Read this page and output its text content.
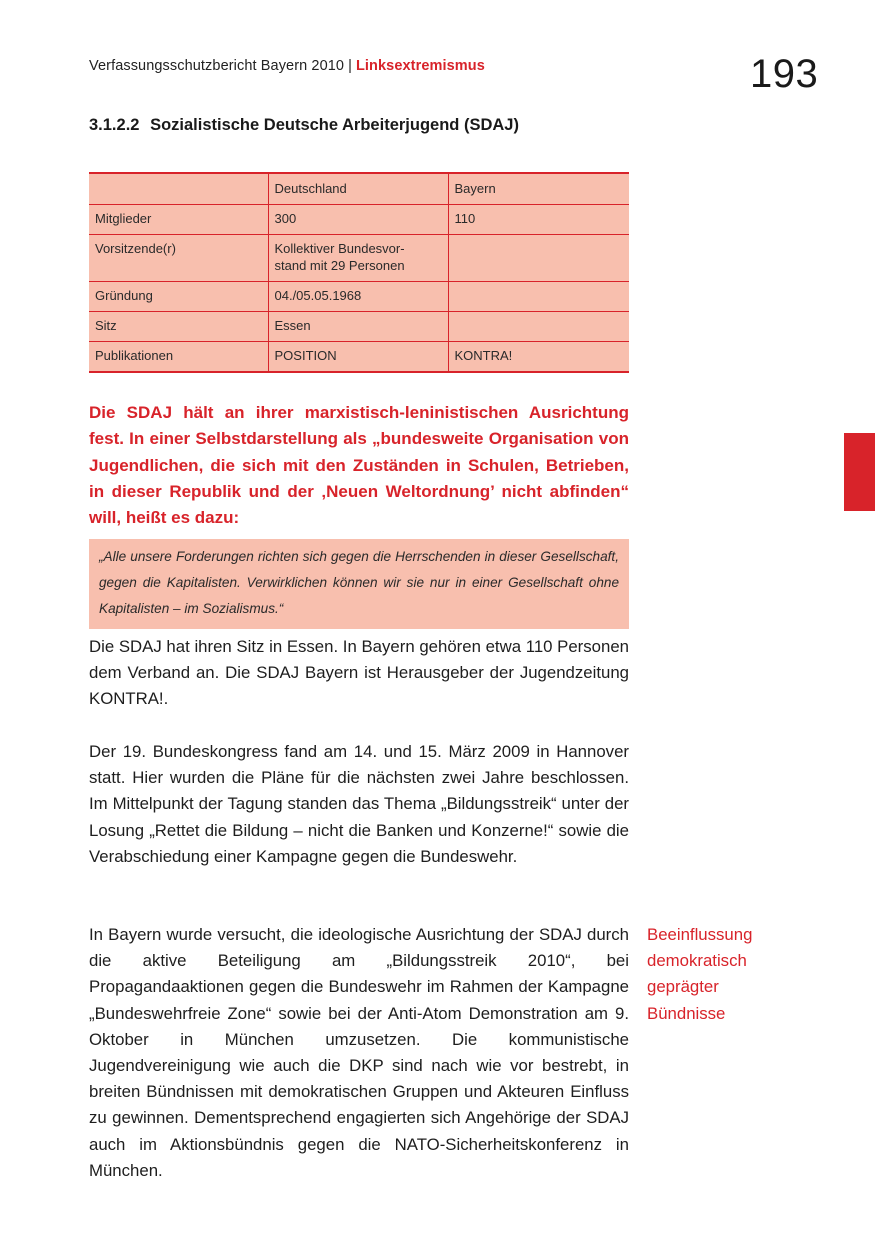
Verfassungsschutzbericht Bayern 2010 | Linksextremismus	193
3.1.2.2 Sozialistische Deutsche Arbeiterjugend (SDAJ)
	Deutschland	Bayern
Mitglieder	300	110
Vorsitzende(r)	Kollektiver Bundesvor-
stand mit 29 Personen	
Gründung	04./05.05.1968	
Sitz	Essen	
Publikationen	POSITION	KONTRA!
Die SDAJ hält an ihrer marxistisch-leninistischen Ausrichtung fest. In einer Selbstdarstellung als „bundesweite Organisation von Jugendlichen, die sich mit den Zuständen in Schulen, Betrieben, in dieser Republik und der ‚Neuen Weltordnung’ nicht abfinden“ will, heißt es dazu:
„Alle unsere Forderungen richten sich gegen die Herrschenden in dieser Gesellschaft, gegen die Kapitalisten. Verwirklichen können wir sie nur in einer Gesellschaft ohne Kapitalisten – im Sozialismus.“

Die SDAJ hat ihren Sitz in Essen. In Bayern gehören etwa 110 Personen dem Verband an. Die SDAJ Bayern ist Herausgeber der Jugendzeitung KONTRA!.

Der 19. Bundeskongress fand am 14. und 15. März 2009 in Hannover statt. Hier wurden die Pläne für die nächsten zwei Jahre beschlossen. Im Mittelpunkt der Tagung standen das Thema „Bildungsstreik“ unter der Losung „Rettet die Bildung – nicht die Banken und Konzerne!“ sowie die Verabschiedung einer Kampagne gegen die Bundeswehr.

In Bayern wurde versucht, die ideologische Ausrichtung der SDAJ durch die aktive Beteiligung am „Bildungsstreik 2010“, bei Propagandaaktionen gegen die Bundeswehr im Rahmen der Kampagne „Bundeswehrfreie Zone“ sowie bei der Anti-Atom Demonstration am 9. Oktober in München umzusetzen. Die kommunistische Jugendvereinigung wie auch die DKP sind nach wie vor bestrebt, in breiten Bündnissen mit demokratischen Gruppen und Akteuren Einfluss zu gewinnen. Dementsprechend engagierten sich Angehörige der SDAJ auch im Aktionsbündnis gegen die NATO-Sicherheitskonferenz in München.

Beeinflussung
demokratisch
geprägter
Bündnisse
